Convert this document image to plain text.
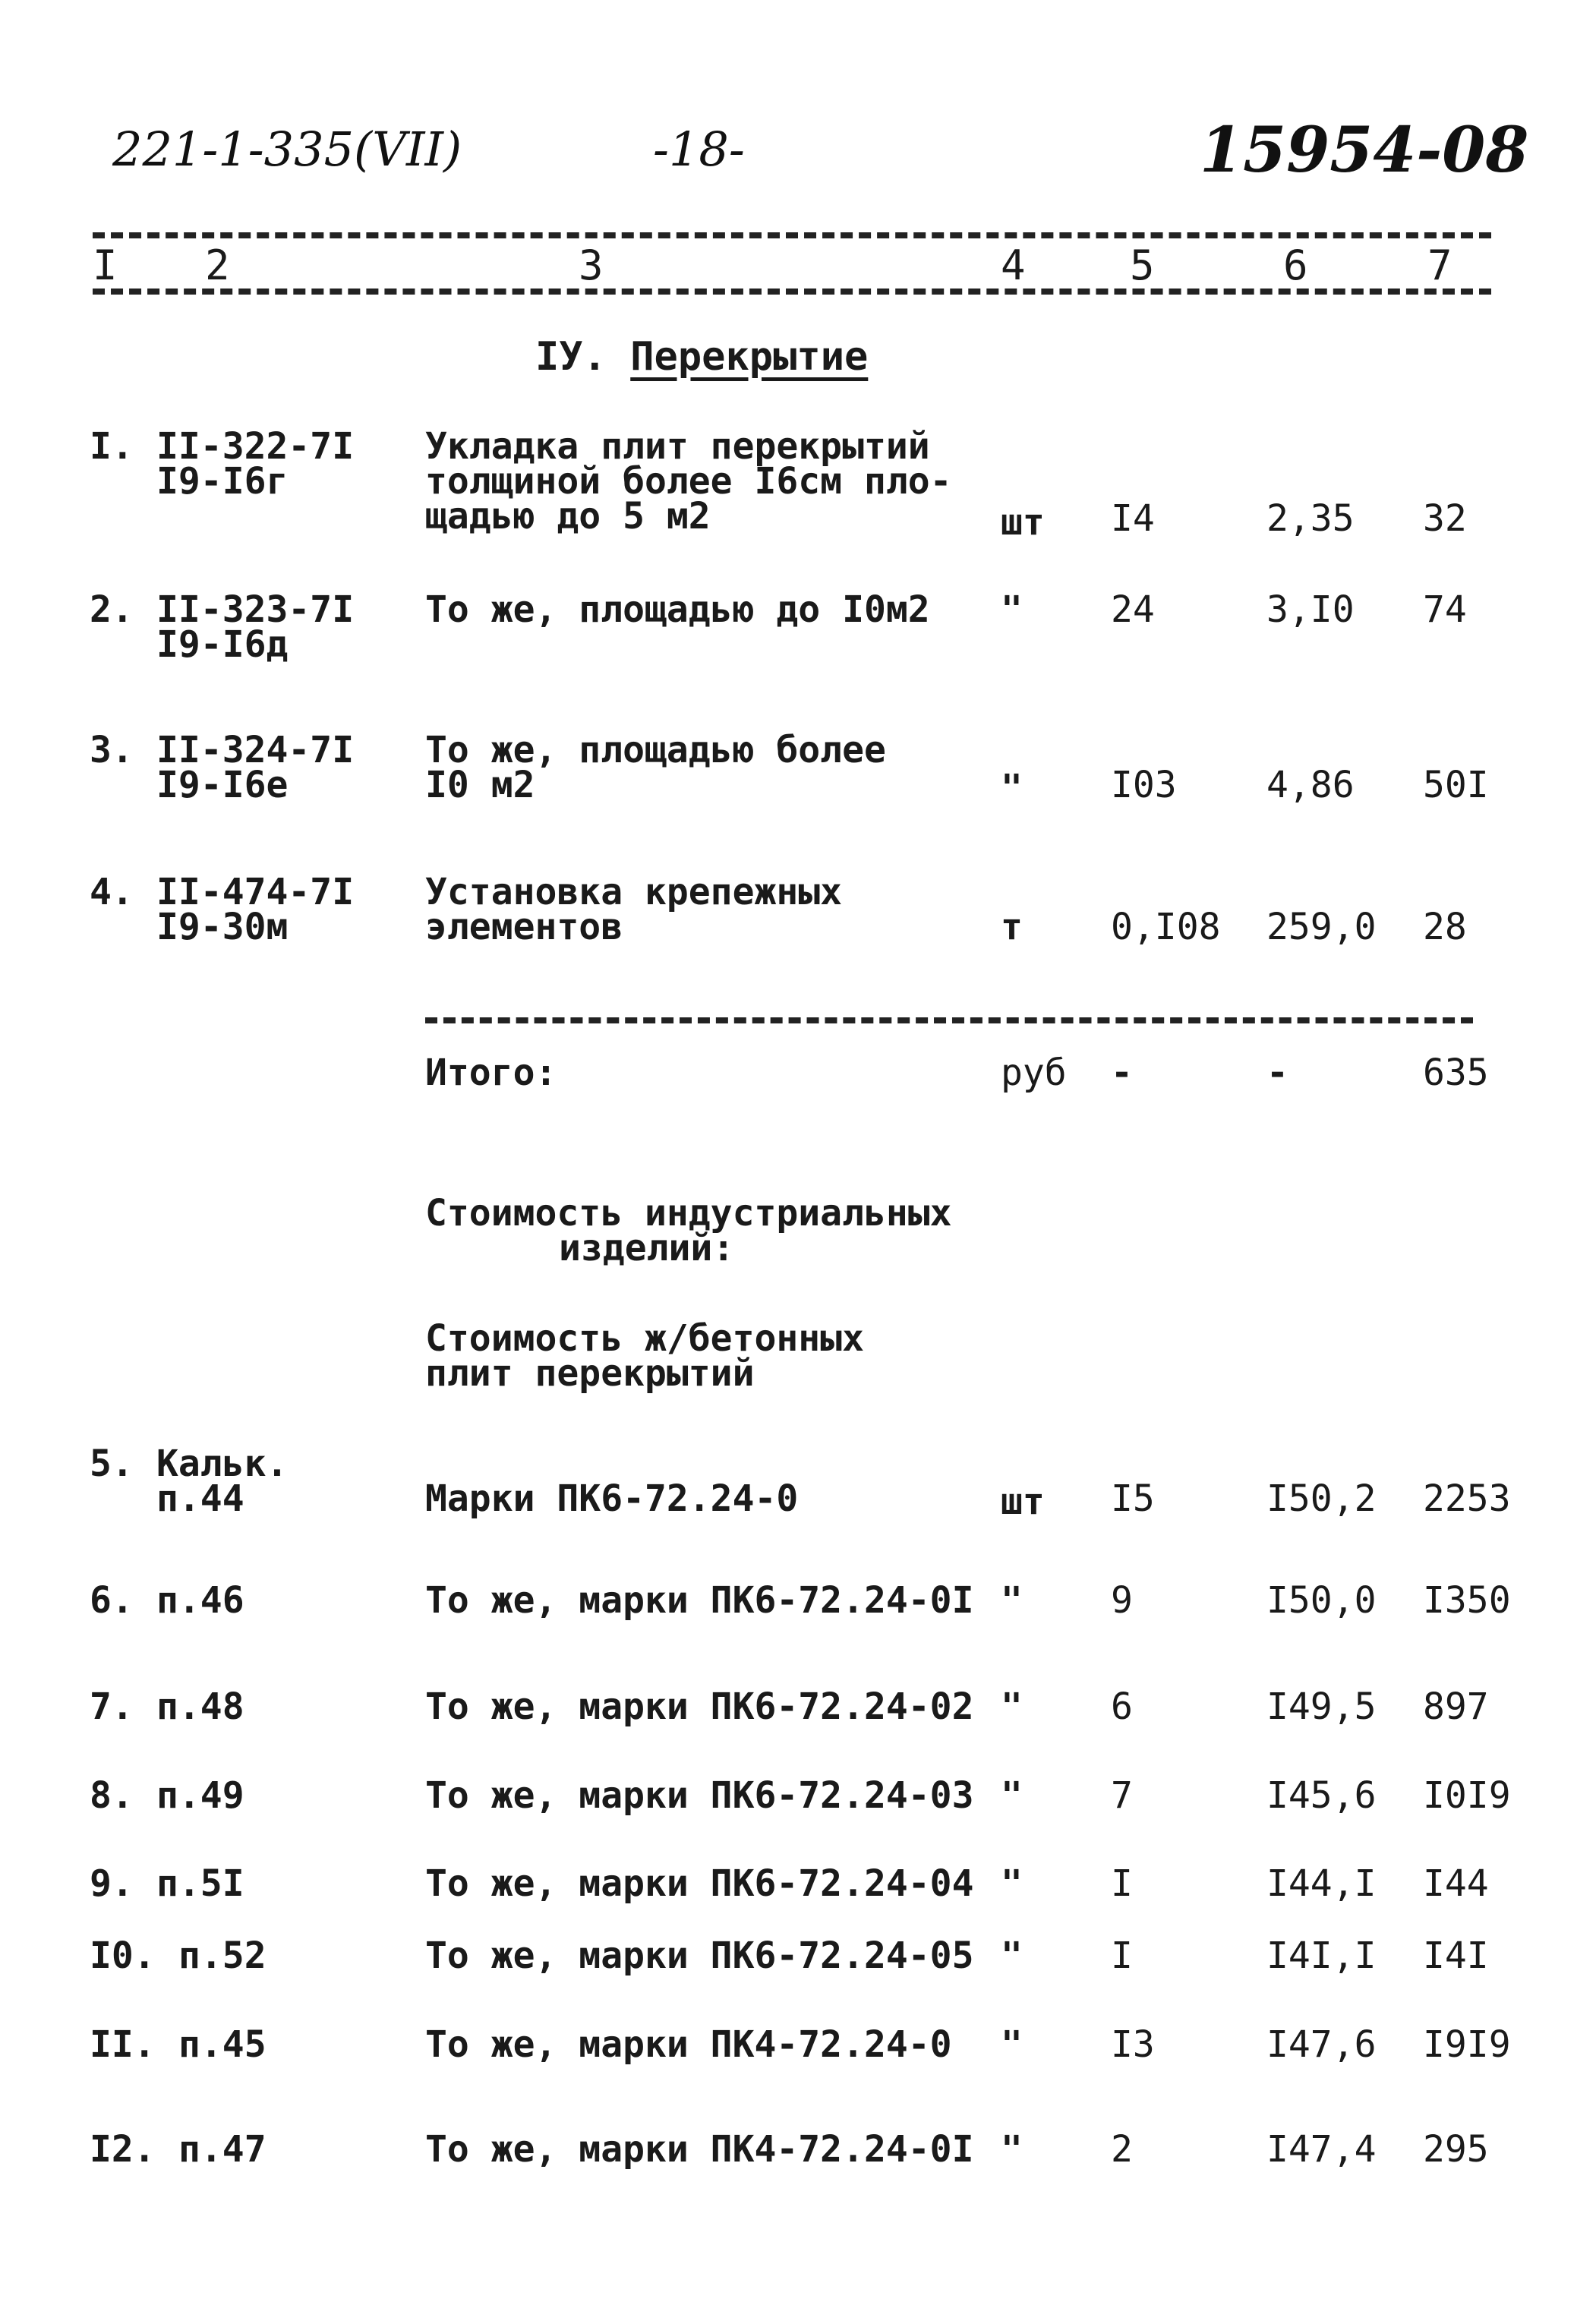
221-1-335(VII)	-18-	15954-08
I 2	3	4	5	6	7
IУ. Перекрытие
I. II-322-7I
I9-I6г
Укладка плит перекрытий
толщиной более I6см пло-
щадью до 5 м2	шт I4	2,35 32
2. II-323-7I
I9-I6д
То же, площадью до I0м2 " 24	3,I0 74
3. II-324-7I
I9-I6е
То же, площадью более
I0 м2	" I03 4,86 50I
4. II-474-7I
I9-30м
Установка крепежных
элементов	т 0,I08 259,0 28
Итого:	руб -	-	635
Стоимость индустриальных
изделий:
Стоимость ж/бетонных
плит перекрытий
5. Кальк.
п.44	Марки ПК6-72.24-0	шт I5	I50,2 2253
6. п.46	То же, марки ПК6-72.24-0I " 9	I50,0 I350
7. п.48	То же, марки ПК6-72.24-02 " 6	I49,5 897
8. п.49	То же, марки ПК6-72.24-03 " 7	I45,6 I0I9
9. п.5I	То же, марки ПК6-72.24-04 " I	I44,I I44
I0. п.52	То же, марки ПК6-72.24-05 " I	I4I,I I4I
II. п.45	То же, марки ПК4-72.24-0 " I3	I47,6 I9I9
I2. п.47	То же, марки ПК4-72.24-0I " 2	I47,4 295
